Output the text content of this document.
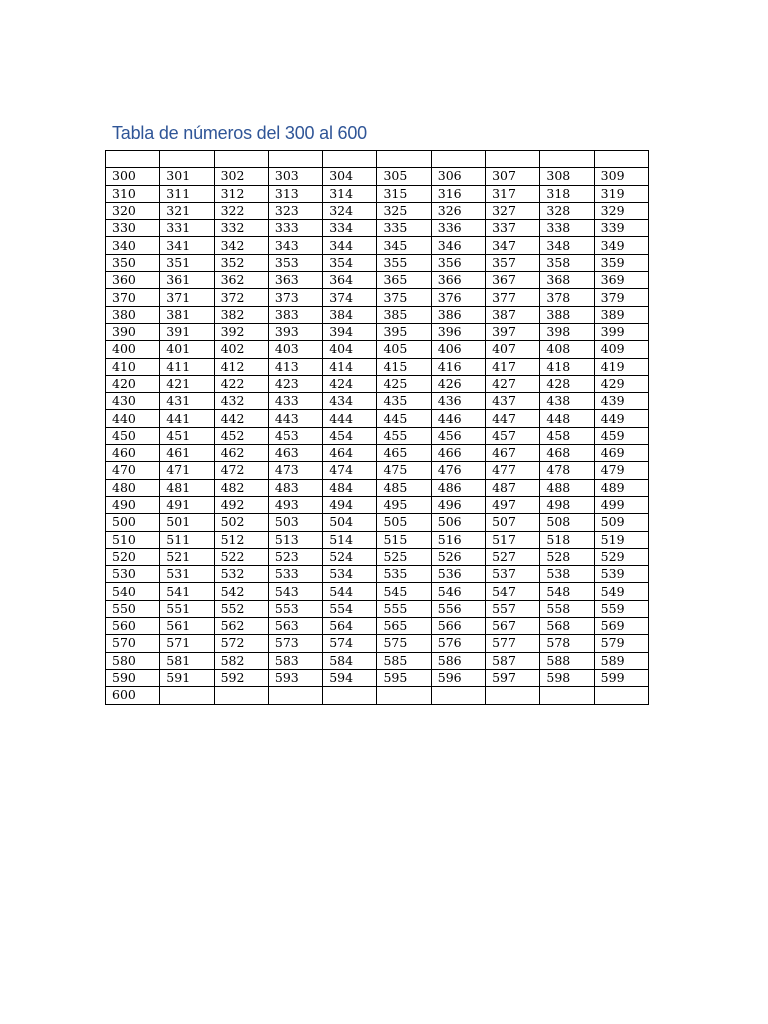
Tabla de números del 300 al 600

300	301	302	303	304	305	306	307	308	309
310	311	312	313	314	315	316	317	318	319
320	321	322	323	324	325	326	327	328	329
330	331	332	333	334	335	336	337	338	339
340	341	342	343	344	345	346	347	348	349
350	351	352	353	354	355	356	357	358	359
360	361	362	363	364	365	366	367	368	369
370	371	372	373	374	375	376	377	378	379
380	381	382	383	384	385	386	387	388	389
390	391	392	393	394	395	396	397	398	399
400	401	402	403	404	405	406	407	408	409
410	411	412	413	414	415	416	417	418	419
420	421	422	423	424	425	426	427	428	429
430	431	432	433	434	435	436	437	438	439
440	441	442	443	444	445	446	447	448	449
450	451	452	453	454	455	456	457	458	459
460	461	462	463	464	465	466	467	468	469
470	471	472	473	474	475	476	477	478	479
480	481	482	483	484	485	486	487	488	489
490	491	492	493	494	495	496	497	498	499
500	501	502	503	504	505	506	507	508	509
510	511	512	513	514	515	516	517	518	519
520	521	522	523	524	525	526	527	528	529
530	531	532	533	534	535	536	537	538	539
540	541	542	543	544	545	546	547	548	549
550	551	552	553	554	555	556	557	558	559
560	561	562	563	564	565	566	567	568	569
570	571	572	573	574	575	576	577	578	579
580	581	582	583	584	585	586	587	588	589
590	591	592	593	594	595	596	597	598	599
600									
